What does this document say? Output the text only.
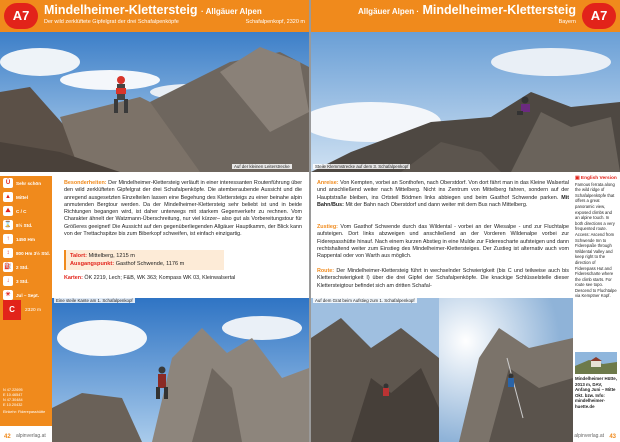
A7	Mindelheimer-Klettersteig · Allgäuer Alpen
Der wild zerklüftete Gipfelgrat der drei Schafalpenköpfe	Schafalpenkopf, 2320 m
Auf der kleinen Leiterstrecke
Ü	Sehr schön
▲	Mittel
⛰	C / C
⌛ 8½ Std.
↑	1450 Hm
↕	800 Hm 3½ Std.
⛽ 2 Std.
↓	3 Std.
☀	Jul – Sept.
C	2320 m
N 47.22695
E 10.46547
N 47.30484
E 10.20432
Einkehr: Fiderepasshütte
Besonderheiten: Der Mindelheimer-Klettersteig verläuft in einer interessanten Routenführung über den wild zerklüfteten Gipfelgrat der drei Schafalpenköpfe. Die atemberaubende Aussicht und die anregend ausgesetzten Einzelteilen lassen eine Begehung des Klettersteigs zu einer beinahe alpin anmutenden Bergtour werden. Da der Mindelheimer-Klettersteig sehr beliebt ist und in beide Richtungen begangen wird, ist daher unterwegs mit starkem Gegenverkehr zu rechnen. Vom Charakter ähnelt der Watzmann-Überschreitung, nur viel kürzer– also gut als Vorbereitungstour für Größeres geeignet! Die Aussicht auf den gegenüberliegenden Allgäuer Hauptkamm, der Blick kann von der Trettachspitze bis zum Biberkopf schweifen, ist einfach einzigartig.
Talort: Mittelberg, 1215 m
Ausgangspunkt: Gasthof Schwende, 1176 m
Karten: ÖK 2219, Lech; F&B, WK 363; Kompass WK 03, Kleinwalsertal
Eine steile Kante am 1. Schafalpenkopf
42 alpinverlag.at
Allgäuer Alpen · Mindelheimer-Klettersteig
Bayern	A7
Steile Klemmstrecke auf dem 3. Schafalpenkopf
Anreise: Von Kempten, vorbei an Sonthofen, nach Oberstdorf. Von dort fährt man in das Kleine Walsertal und anschließend weiter nach Mittelberg. Nicht ins Zentrum von Mittelberg fahren, sondern auf der Hauptstraße bleiben, ins Ortsteil Bödmen links abbiegen und beim Gasthof Schwende parken. Mit Bahn/Bus: Mit der Bahn nach Oberstdorf und dann weiter mit dem Bus nach Mittelberg.
Zustieg: Vom Gasthof Schwende durch das Wildental - vorbei an der Wiesalpe - und zur Fluchtalpe aufsteigen. Dort links abzweigen und anschließend an der Vorderen Wildenalpe vorbei zur Fiderepasshütte hinauf. Nach einem kurzen Abstieg in eine Mulde zur Fiderescharte aufsteigen und dann rechtshaltend weiter zum Einstieg des Mindelheimer-Klettersteiges. Der Zustieg ist alternativ auch vom Rappental oder von Warth aus möglich.
Route: Der Mindelheimer-Klettersteig führt in wechselnder Schwierigkeit (bis C und teilweise auch bis Kletterschwierigkeit I) über die drei Gipfel der Schafalpenköpfe. Die knackige Schlüsselstelle dieser Klettersteigtour befindet sich am dritten Schafal-
▣ English Version
Famous ferrata along the wild ridge of Schafalpenköpfe that offers a great panoramic view, exposed climbs and an alpine touch. In both directions a very frequented route. Access: Ascend from Schwende Inn to Fiderepaße through Wildental Valley and keep right to the direction of Fiderepass Hut and Fiderescharte where the climb starts. For route see topo. Descend to Fluchtalpe via Kemptner Kopf.
Mindelheimer Hütte, 2013 m, DAV, Anfang Juni – Mitte Okt. bzw. Info: mindelheimer-huette.de
Auf dem Grat beim Aufstieg zum 1. Schafalpenkopf
43
alpinverlag.at
